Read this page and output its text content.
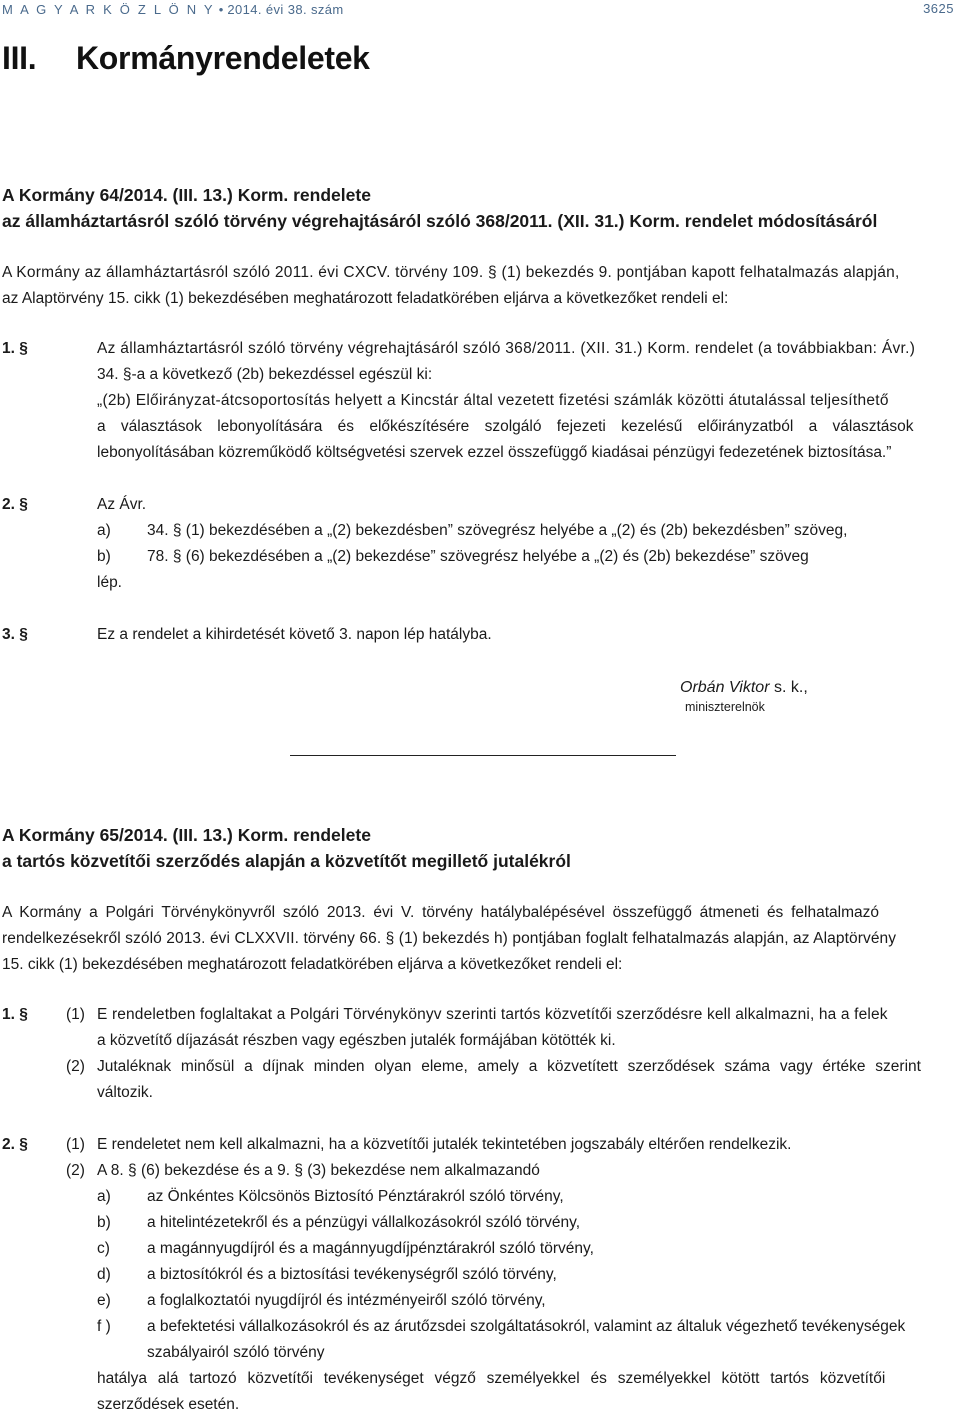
M A G Y A R K Ö Z L Ö N Y • 2014. évi 38. szám	3625
III. Kormányrendeletek
A Kormány 64/2014. (III. 13.) Korm. rendelete
az államháztartásról szóló törvény végrehajtásáról szóló 368/2011. (XII. 31.) Korm. rendelet módosításáról
A Kormány az államháztartásról szóló 2011. évi CXCV. törvény 109. § (1) bekezdés 9. pontjában kapott felhatalmazás alapján,
az Alaptörvény 15. cikk (1) bekezdésében meghatározott feladatkörében eljárva a következőket rendeli el:
1. §	Az államháztartásról szóló törvény végrehajtásáról szóló 368/2011. (XII. 31.) Korm. rendelet (a továbbiakban: Ávr.)
34. §-a a következő (2b) bekezdéssel egészül ki:
„(2b) Előirányzat-átcsoportosítás helyett a Kincstár által vezetett fizetési számlák közötti átutalással teljesíthető
a választások lebonyolítására és előkészítésére szolgáló fejezeti kezelésű előirányzatból a választások
lebonyolításában közreműködő költségvetési szervek ezzel összefüggő kiadásai pénzügyi fedezetének biztosítása.”
2. §	Az Ávr.
a) 34. § (1) bekezdésében a „(2) bekezdésben” szövegrész helyébe a „(2) és (2b) bekezdésben” szöveg,
b) 78. § (6) bekezdésében a „(2) bekezdése” szövegrész helyébe a „(2) és (2b) bekezdése” szöveg
lép.
3. §	Ez a rendelet a kihirdetését követő 3. napon lép hatályba.
Orbán Viktor s. k.,
miniszterelnök
A Kormány 65/2014. (III. 13.) Korm. rendelete
a tartós közvetítői szerződés alapján a közvetítőt megillető jutalékról
A Kormány a Polgári Törvénykönyvről szóló 2013. évi V. törvény hatálybalépésével összefüggő átmeneti és felhatalmazó
rendelkezésekről szóló 2013. évi CLXXVII. törvény 66. § (1) bekezdés h) pontjában foglalt felhatalmazás alapján, az Alaptörvény
15. cikk (1) bekezdésében meghatározott feladatkörében eljárva a következőket rendeli el:
1. § (1) E rendeletben foglaltakat a Polgári Törvénykönyv szerinti tartós közvetítői szerződésre kell alkalmazni, ha a felek
a közvetítő díjazását részben vagy egészben jutalék formájában kötötték ki.
(2) Jutaléknak minősül a díjnak minden olyan eleme, amely a közvetített szerződések száma vagy értéke szerint
változik.
2. § (1) E rendeletet nem kell alkalmazni, ha a közvetítői jutalék tekintetében jogszabály eltérően rendelkezik.
(2) A 8. § (6) bekezdése és a 9. § (3) bekezdése nem alkalmazandó
a) az Önkéntes Kölcsönös Biztosító Pénztárakról szóló törvény,
b) a hitelintézetekről és a pénzügyi vállalkozásokról szóló törvény,
c) a magánnyugdíjról és a magánnyugdíjpénztárakról szóló törvény,
d) a biztosítókról és a biztosítási tevékenységről szóló törvény,
e) a foglalkoztatói nyugdíjról és intézményeiről szóló törvény,
f ) a befektetési vállalkozásokról és az árutőzsdei szolgáltatásokról, valamint az általuk végezhető tevékenységek
szabályairól szóló törvény
hatálya alá tartozó közvetítői tevékenységet végző személyekkel és személyekkel kötött tartós közvetítői
szerződések esetén.
